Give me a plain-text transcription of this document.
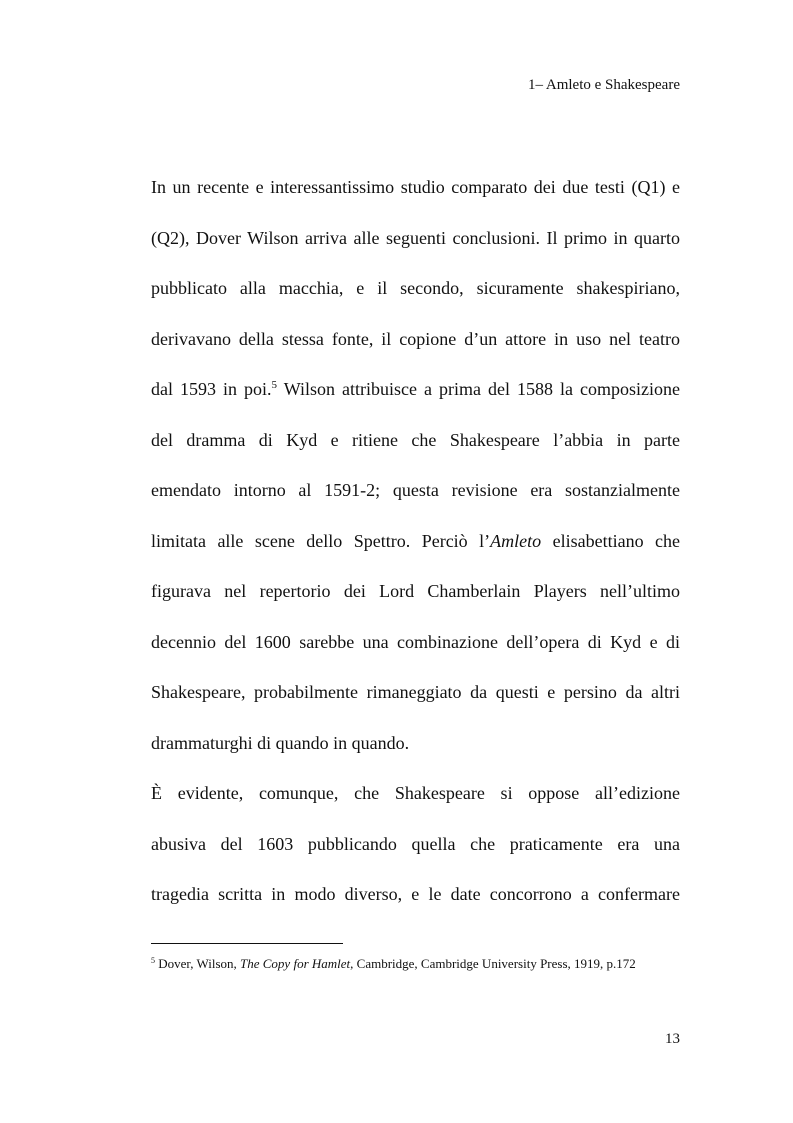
1– Amleto e Shakespeare
In un recente e interessantissimo studio comparato dei due testi (Q1) e
(Q2), Dover Wilson arriva alle seguenti conclusioni. Il primo in quarto
pubblicato alla macchia, e il secondo, sicuramente shakespiriano,
derivavano della stessa fonte, il copione d’un attore in uso nel teatro
dal 1593 in poi.$^5$ Wilson attribuisce a prima del 1588 la composizione
del dramma di Kyd e ritiene che Shakespeare l’abbia in parte
emendato intorno al 1591-2; questa revisione era sostanzialmente
limitata alle scene dello Spettro. Perciò l’Amleto elisabettiano che
figurava nel repertorio dei Lord Chamberlain Players nell’ultimo
decennio del 1600 sarebbe una combinazione dell’opera di Kyd e di
Shakespeare, probabilmente rimaneggiato da questi e persino da altri
drammaturghi di quando in quando.
È evidente, comunque, che Shakespeare si oppose all’edizione
abusiva del 1603 pubblicando quella che praticamente era una
tragedia scritta in modo diverso, e le date concorrono a confermare
$^5$ Dover, Wilson, The Copy for Hamlet, Cambridge, Cambridge University Press, 1919, p.172
13
